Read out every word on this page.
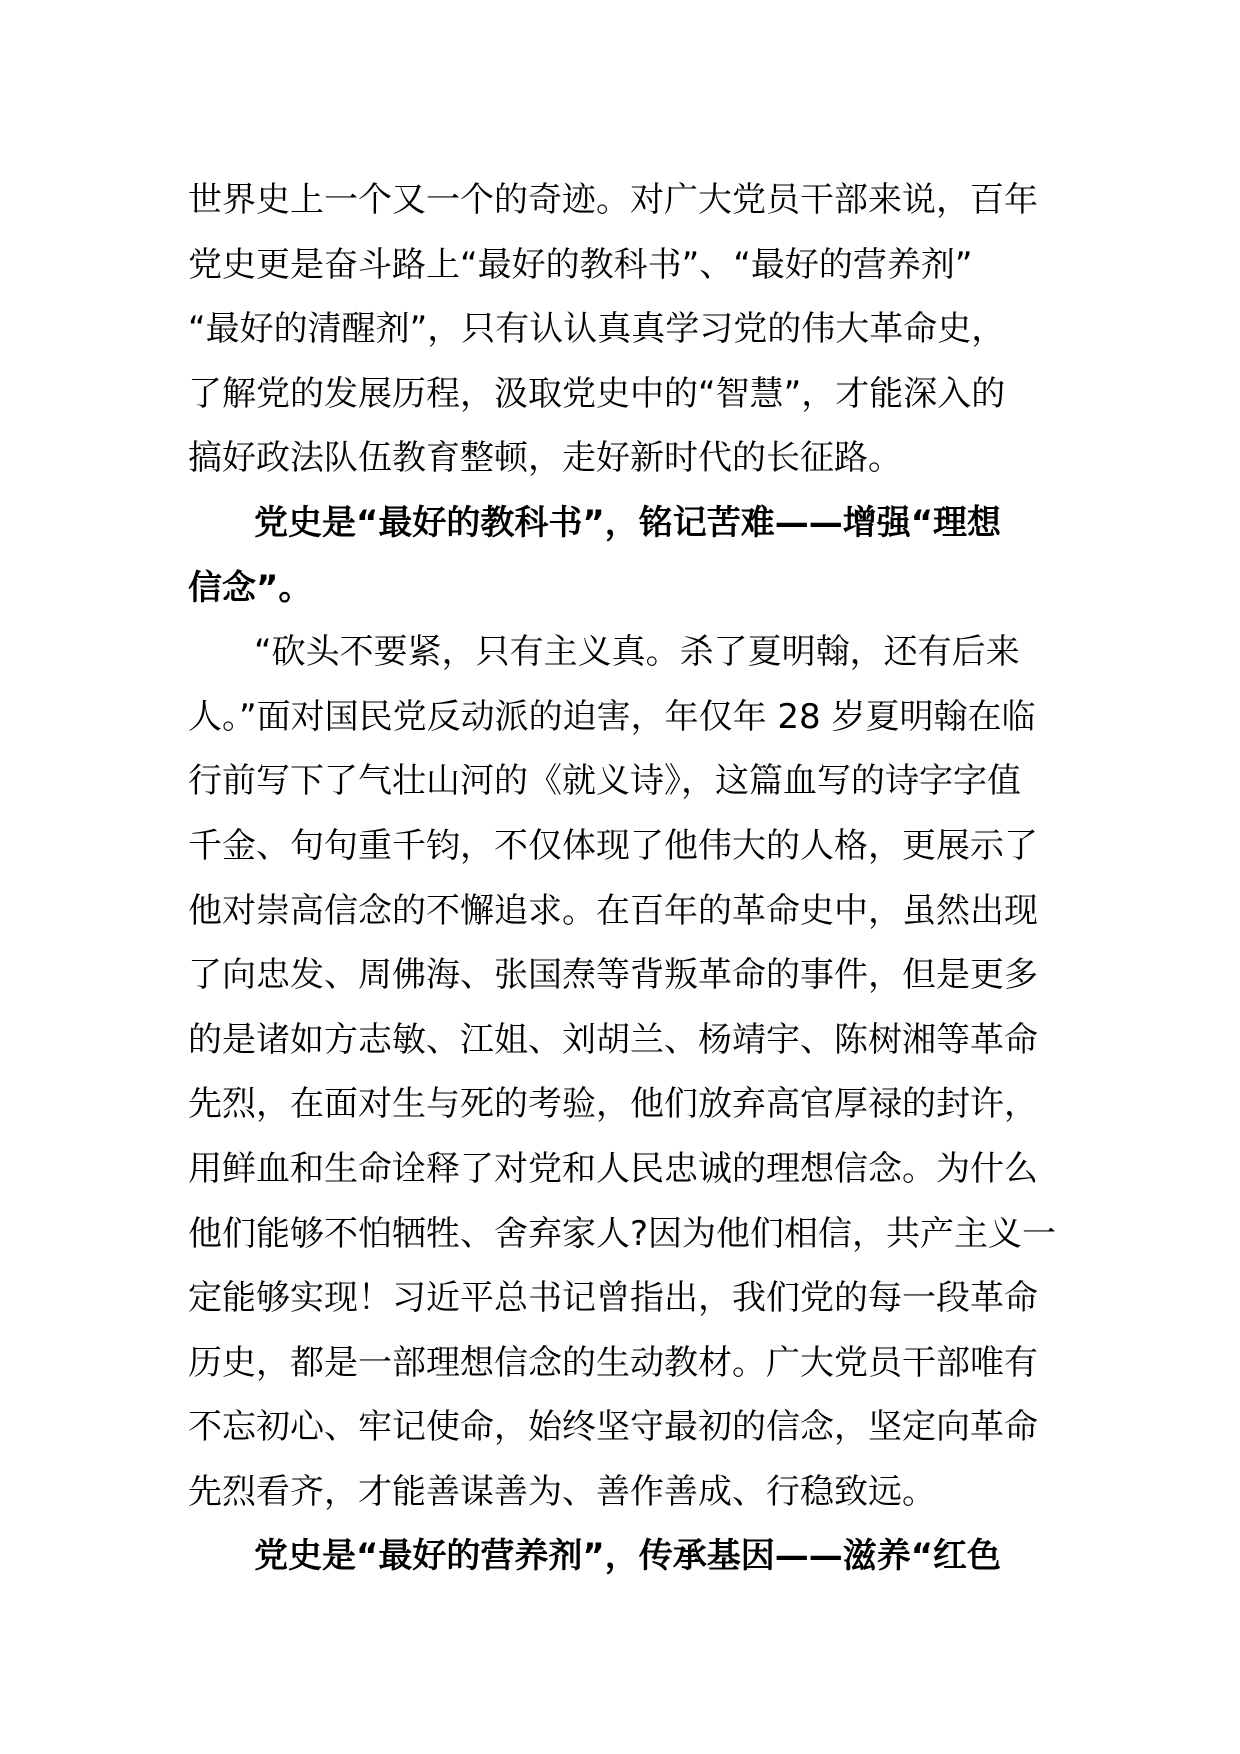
世界史上一个又一个的奇迹。对广大党员干部来说，百年
党史更是奋斗路上“最好的教科书”、“最好的营养剂”
“最好的清醒剂”，只有认认真真学习党的伟大革命史，
了解党的发展历程，汲取党史中的“智慧”，才能深入的
搞好政法队伍教育整顿，走好新时代的长征路。
党史是“最好的教科书”，铭记苦难——增强“理想
信念”。
“砍头不要紧，只有主义真。杀了夏明翰，还有后来
人。”面对国民党反动派的迫害，年仅年 28 岁夏明翰在临
行前写下了气壮山河的《就义诗》，这篇血写的诗字字值
千金、句句重千钧，不仅体现了他伟大的人格，更展示了
他对崇高信念的不懈追求。在百年的革命史中，虽然出现
了向忠发、周佛海、张国焘等背叛革命的事件，但是更多
的是诸如方志敏、江姐、刘胡兰、杨靖宇、陈树湘等革命
先烈，在面对生与死的考验，他们放弃高官厚禄的封许，
用鲜血和生命诠释了对党和人民忠诚的理想信念。为什么
他们能够不怕牺牲、舍弃家人?因为他们相信，共产主义一
定能够实现！习近平总书记曾指出，我们党的每一段革命
历史，都是一部理想信念的生动教材。广大党员干部唯有
不忘初心、牢记使命，始终坚守最初的信念，坚定向革命
先烈看齐，才能善谋善为、善作善成、行稳致远。
党史是“最好的营养剂”，传承基因——滋养“红色
